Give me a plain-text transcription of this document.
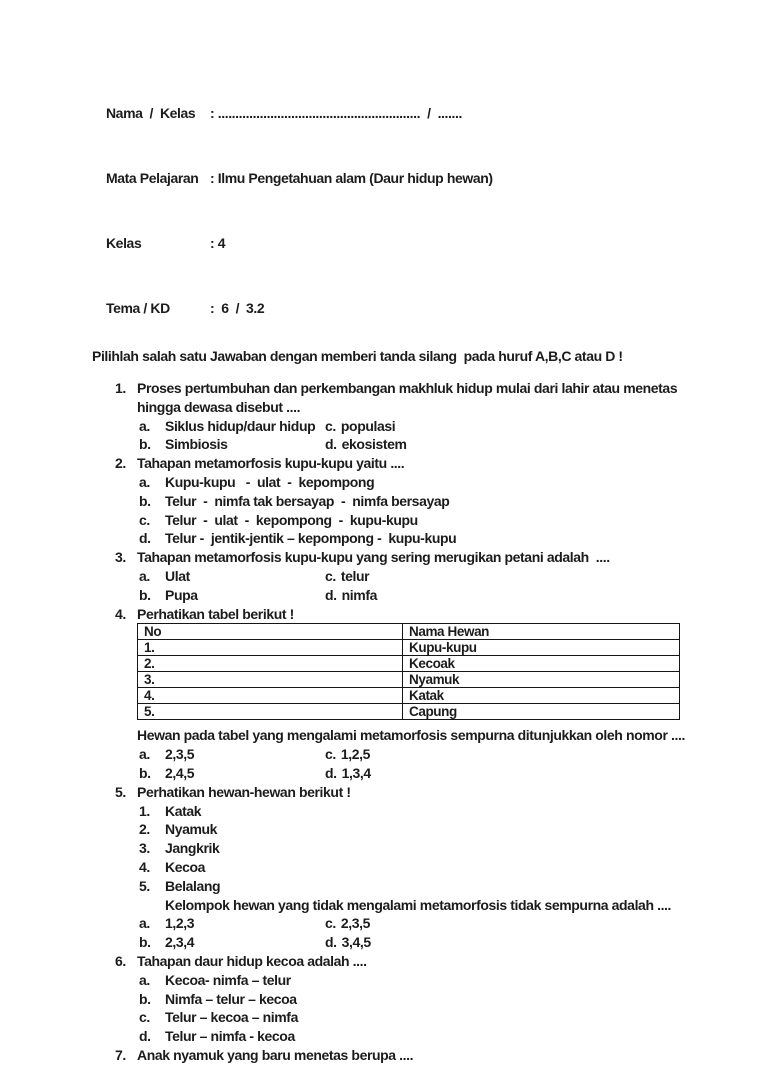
Nama  /  Kelas : ..........................................................  /  .......

Mata Pelajaran : Ilmu Pengetahuan alam (Daur hidup hewan)

Kelas	: 4

Tema / KD	:  6  /  3.2

Pilihlah salah satu Jawaban dengan memberi tanda silang  pada huruf A,B,C atau D !
1. Proses pertumbuhan dan perkembangan makhluk hidup mulai dari lahir atau menetas
hingga dewasa disebut ....
a.	Siklus hidup/daur hidup c. populasi
b.	Simbiosis	d. ekosistem
2. Tahapan metamorfosis kupu-kupu yaitu ....
a.	Kupu-kupu   -  ulat  -  kepompong
b.	Telur  -  nimfa tak bersayap  -  nimfa bersayap
c.	Telur  -  ulat  -  kepompong  -  kupu-kupu
d.	Telur -  jentik-jentik – kepompong -  kupu-kupu
3. Tahapan metamorfosis kupu-kupu yang sering merugikan petani adalah  ....
a.	Ulat	c. telur
b.	Pupa	d. nimfa
4. Perhatikan tabel berikut !
No	Nama Hewan
1.	Kupu-kupu
2.	Kecoak
3.	Nyamuk
4.	Katak
5.	Capung
Hewan pada tabel yang mengalami metamorfosis sempurna ditunjukkan oleh nomor ....
a.	2,3,5	c. 1,2,5
b.	2,4,5	d. 1,3,4
5. Perhatikan hewan-hewan berikut !
1.	Katak
2.	Nyamuk
3.	Jangkrik
4.	Kecoa
5.	Belalang
Kelompok hewan yang tidak mengalami metamorfosis tidak sempurna adalah ....
a.	1,2,3	c. 2,3,5
b.	2,3,4	d. 3,4,5
6. Tahapan daur hidup kecoa adalah ....
a.	Kecoa- nimfa – telur
b.	Nimfa – telur – kecoa
c.	Telur – kecoa – nimfa
d.	Telur – nimfa - kecoa
7. Anak nyamuk yang baru menetas berupa ....
